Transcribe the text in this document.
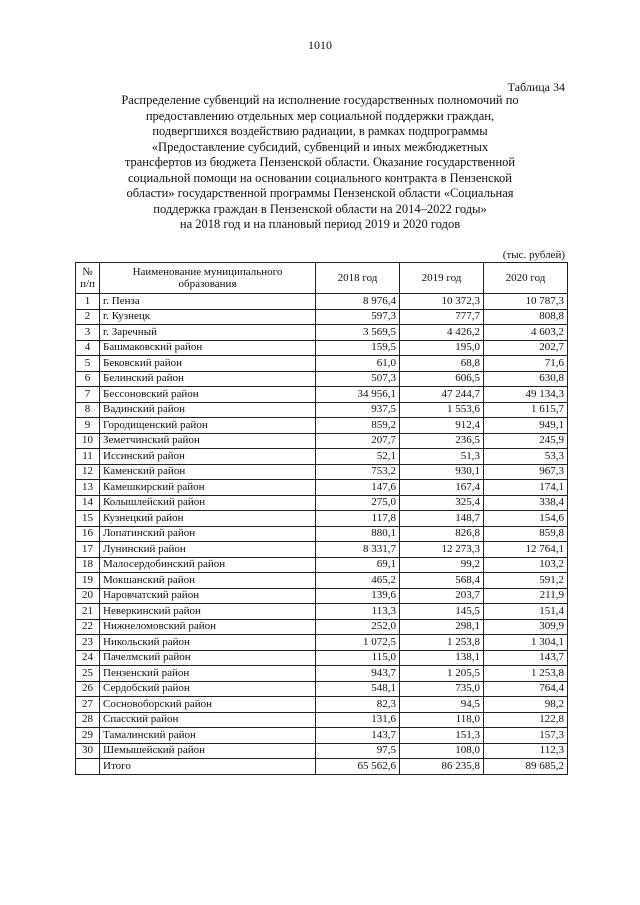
1010
Таблица 34
Распределение субвенций на исполнение государственных полномочий по
предоставлению отдельных мер социальной поддержки граждан,
подвергшихся воздействию радиации, в рамках подпрограммы
«Предоставление субсидий, субвенций и иных межбюджетных
трансфертов из бюджета Пензенской области. Оказание государственной
социальной помощи на основании социального контракта в Пензенской
области» государственной программы Пензенской области «Социальная
поддержка граждан в Пензенской области на 2014–2022 годы»
на 2018 год и на плановый период 2019 и 2020 годов
(тыс. рублей)
№
п/п	Наименование муниципального образования	2018 год	2019 год	2020 год
1	г. Пенза	8 976,4	10 372,3	10 787,3
2	г. Кузнецк	597,3	777,7	808,8
3	г. Заречный	3 569,5	4 426,2	4 603,2
4	Башмаковский район	159,5	195,0	202,7
5	Бековский район	61,0	68,8	71,6
6	Белинский район	507,3	606,5	630,8
7	Бессоновский район	34 956,1	47 244,7	49 134,3
8	Вадинский район	937,5	1 553,6	1 615,7
9	Городищенский район	859,2	912,4	949,1
10	Земетчинский район	207,7	236,5	245,9
11	Иссинский район	52,1	51,3	53,3
12	Каменский район	753,2	930,1	967,3
13	Камешкирский район	147,6	167,4	174,1
14	Колышлейский район	275,0	325,4	338,4
15	Кузнецкий район	117,8	148,7	154,6
16	Лопатинский район	880,1	826,8	859,8
17	Лунинский район	8 331,7	12 273,3	12 764,1
18	Малосердобинский район	69,1	99,2	103,2
19	Мокшанский район	465,2	568,4	591,2
20	Наровчатский район	139,6	203,7	211,9
21	Неверкинский район	113,3	145,5	151,4
22	Нижнеломовский район	252,0	298,1	309,9
23	Никольский район	1 072,5	1 253,8	1 304,1
24	Пачелмский район	115,0	138,1	143,7
25	Пензенский район	943,7	1 205,5	1 253,8
26	Сердобский район	548,1	735,0	764,4
27	Сосновоборский район	82,3	94,5	98,2
28	Спасский район	131,6	118,0	122,8
29	Тамалинский район	143,7	151,3	157,3
30	Шемышейский район	97,5	108,0	112,3
	Итого	65 562,6	86 235,8	89 685,2
